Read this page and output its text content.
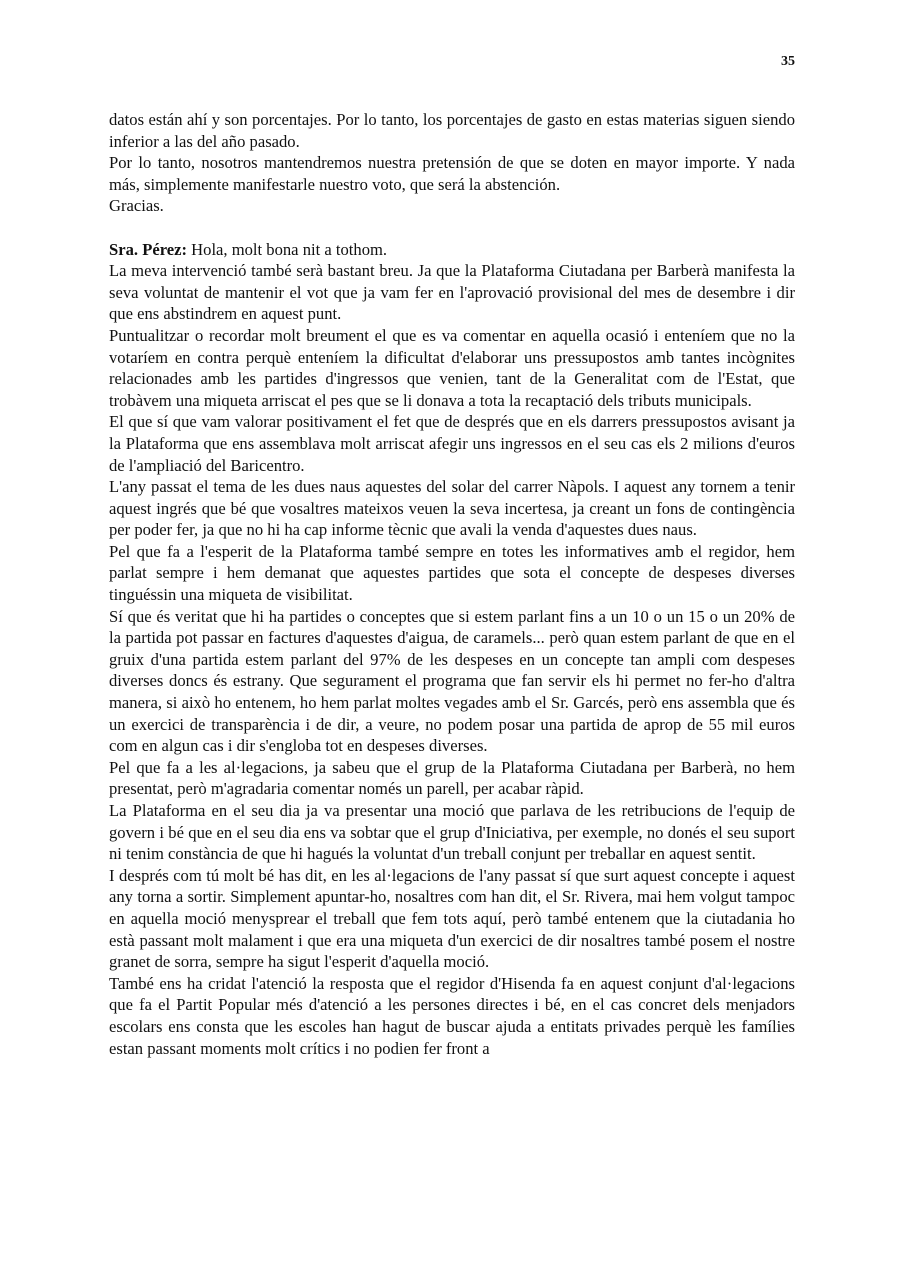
35

datos están ahí y son porcentajes. Por lo tanto, los porcentajes de gasto en estas materias siguen siendo inferior a las del año pasado.

Por lo tanto, nosotros mantendremos nuestra pretensión de que se doten en mayor importe. Y nada más, simplemente manifestarle nuestro voto, que será la abstención.

Gracias.

Sra. Pérez: Hola, molt bona nit a tothom.

La meva intervenció també serà bastant breu. Ja que la Plataforma Ciutadana per Barberà manifesta la seva voluntat de mantenir el vot que ja vam fer en l'aprovació provisional del mes de desembre i dir que ens abstindrem en aquest punt.

Puntualitzar o recordar molt breument el que es va comentar en aquella ocasió i enteníem que no la votaríem en contra perquè enteníem la dificultat d'elaborar uns pressupostos amb tantes incògnites relacionades amb les partides d'ingressos que venien, tant de la Generalitat com de l'Estat, que trobàvem una miqueta arriscat el pes que se li donava a tota la recaptació dels tributs municipals.

El que sí que vam valorar positivament el fet que de després que en els darrers pressupostos avisant ja la Plataforma que ens assemblava molt arriscat afegir uns ingressos en el seu cas els 2 milions d'euros de l'ampliació del Baricentro.

L'any passat el tema de les dues naus aquestes del solar del carrer Nàpols. I aquest any tornem a tenir aquest ingrés que bé que vosaltres mateixos veuen la seva incertesa, ja creant un fons de contingència per poder fer, ja que no hi ha cap informe tècnic que avali la venda d'aquestes dues naus.

Pel que fa a l'esperit de la Plataforma també sempre en totes les informatives amb el regidor, hem parlat sempre i hem demanat que aquestes partides que sota el concepte de despeses diverses tinguéssin una miqueta de visibilitat.

Sí que és veritat que hi ha partides o conceptes que si estem parlant fins a un 10 o un 15 o un 20% de la partida pot passar en factures d'aquestes d'aigua, de caramels... però quan estem parlant de que en el gruix d'una partida estem parlant del 97% de les despeses en un concepte tan ampli com despeses diverses doncs és estrany. Que segurament el programa que fan servir els hi permet no fer-ho d'altra manera, si això ho entenem, ho hem parlat moltes vegades amb el Sr. Garcés, però ens assembla que és un exercici de transparència i de dir, a veure, no podem posar una partida de aprop de 55 mil euros com en algun cas i dir s'engloba tot en despeses diverses.

Pel que fa a les al·legacions, ja sabeu que el grup de la Plataforma Ciutadana per Barberà, no hem presentat, però m'agradaria comentar només un parell, per acabar ràpid.

La Plataforma en el seu dia ja va presentar una moció que parlava de les retribucions de l'equip de govern i bé que en el seu dia ens va sobtar que el grup d'Iniciativa, per exemple, no donés el seu suport ni tenim constància de que hi hagués la voluntat d'un treball conjunt per treballar en aquest sentit.

I després com tú molt bé has dit, en les al·legacions de l'any passat sí que surt aquest concepte i aquest any torna a sortir. Simplement apuntar-ho, nosaltres com han dit, el Sr. Rivera, mai hem volgut tampoc en aquella moció menysprear el treball que fem tots aquí, però també entenem que la ciutadania ho està passant molt malament i que era una miqueta d'un exercici de dir nosaltres també posem el nostre granet de sorra, sempre ha sigut l'esperit d'aquella moció.

També ens ha cridat l'atenció la resposta que el regidor d'Hisenda fa en aquest conjunt d'al·legacions que fa el Partit Popular més d'atenció a les persones directes i bé, en el cas concret dels menjadors escolars ens consta que les escoles han hagut de buscar ajuda a entitats privades perquè les famílies estan passant moments molt crítics i no podien fer front a
